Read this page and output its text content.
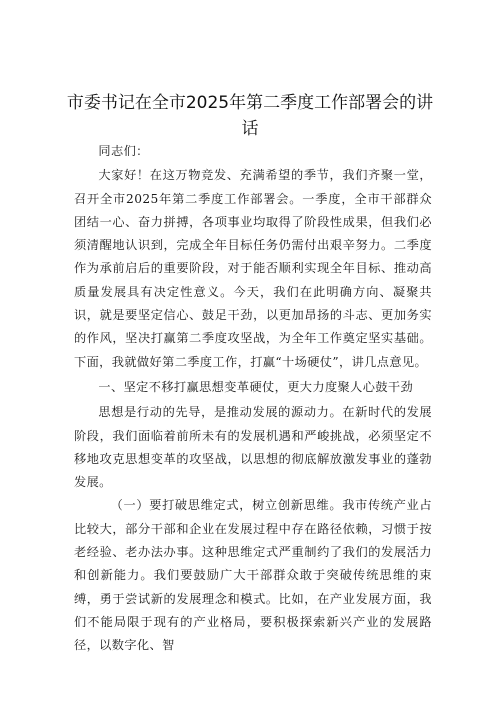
市委书记在全市2025年第二季度工作部署会的讲话

同志们：

大家好！在这万物竞发、充满希望的季节，我们齐聚一堂，召开全市2025年第二季度工作部署会。一季度，全市干部群众团结一心、奋力拼搏，各项事业均取得了阶段性成果，但我们必须清醒地认识到，完成全年目标任务仍需付出艰辛努力。二季度作为承前启后的重要阶段，对于能否顺利实现全年目标、推动高质量发展具有决定性意义。今天，我们在此明确方向、凝聚共识，就是要坚定信心、鼓足干劲，以更加昂扬的斗志、更加务实的作风，坚决打赢第二季度攻坚战，为全年工作奠定坚实基础。下面，我就做好第二季度工作，打赢“十场硬仗”，讲几点意见。

一、坚定不移打赢思想变革硬仗，更大力度聚人心鼓干劲

思想是行动的先导，是推动发展的源动力。在新时代的发展阶段，我们面临着前所未有的发展机遇和严峻挑战，必须坚定不移地攻克思想变革的攻坚战，以思想的彻底解放激发事业的蓬勃发展。

（一）要打破思维定式，树立创新思维。我市传统产业占比较大，部分干部和企业在发展过程中存在路径依赖，习惯于按老经验、老办法办事。这种思维定式严重制约了我们的发展活力和创新能力。我们要鼓励广大干部群众敢于突破传统思维的束缚，勇于尝试新的发展理念和模式。比如，在产业发展方面，我们不能局限于现有的产业格局，要积极探索新兴产业的发展路径，以数字化、智
